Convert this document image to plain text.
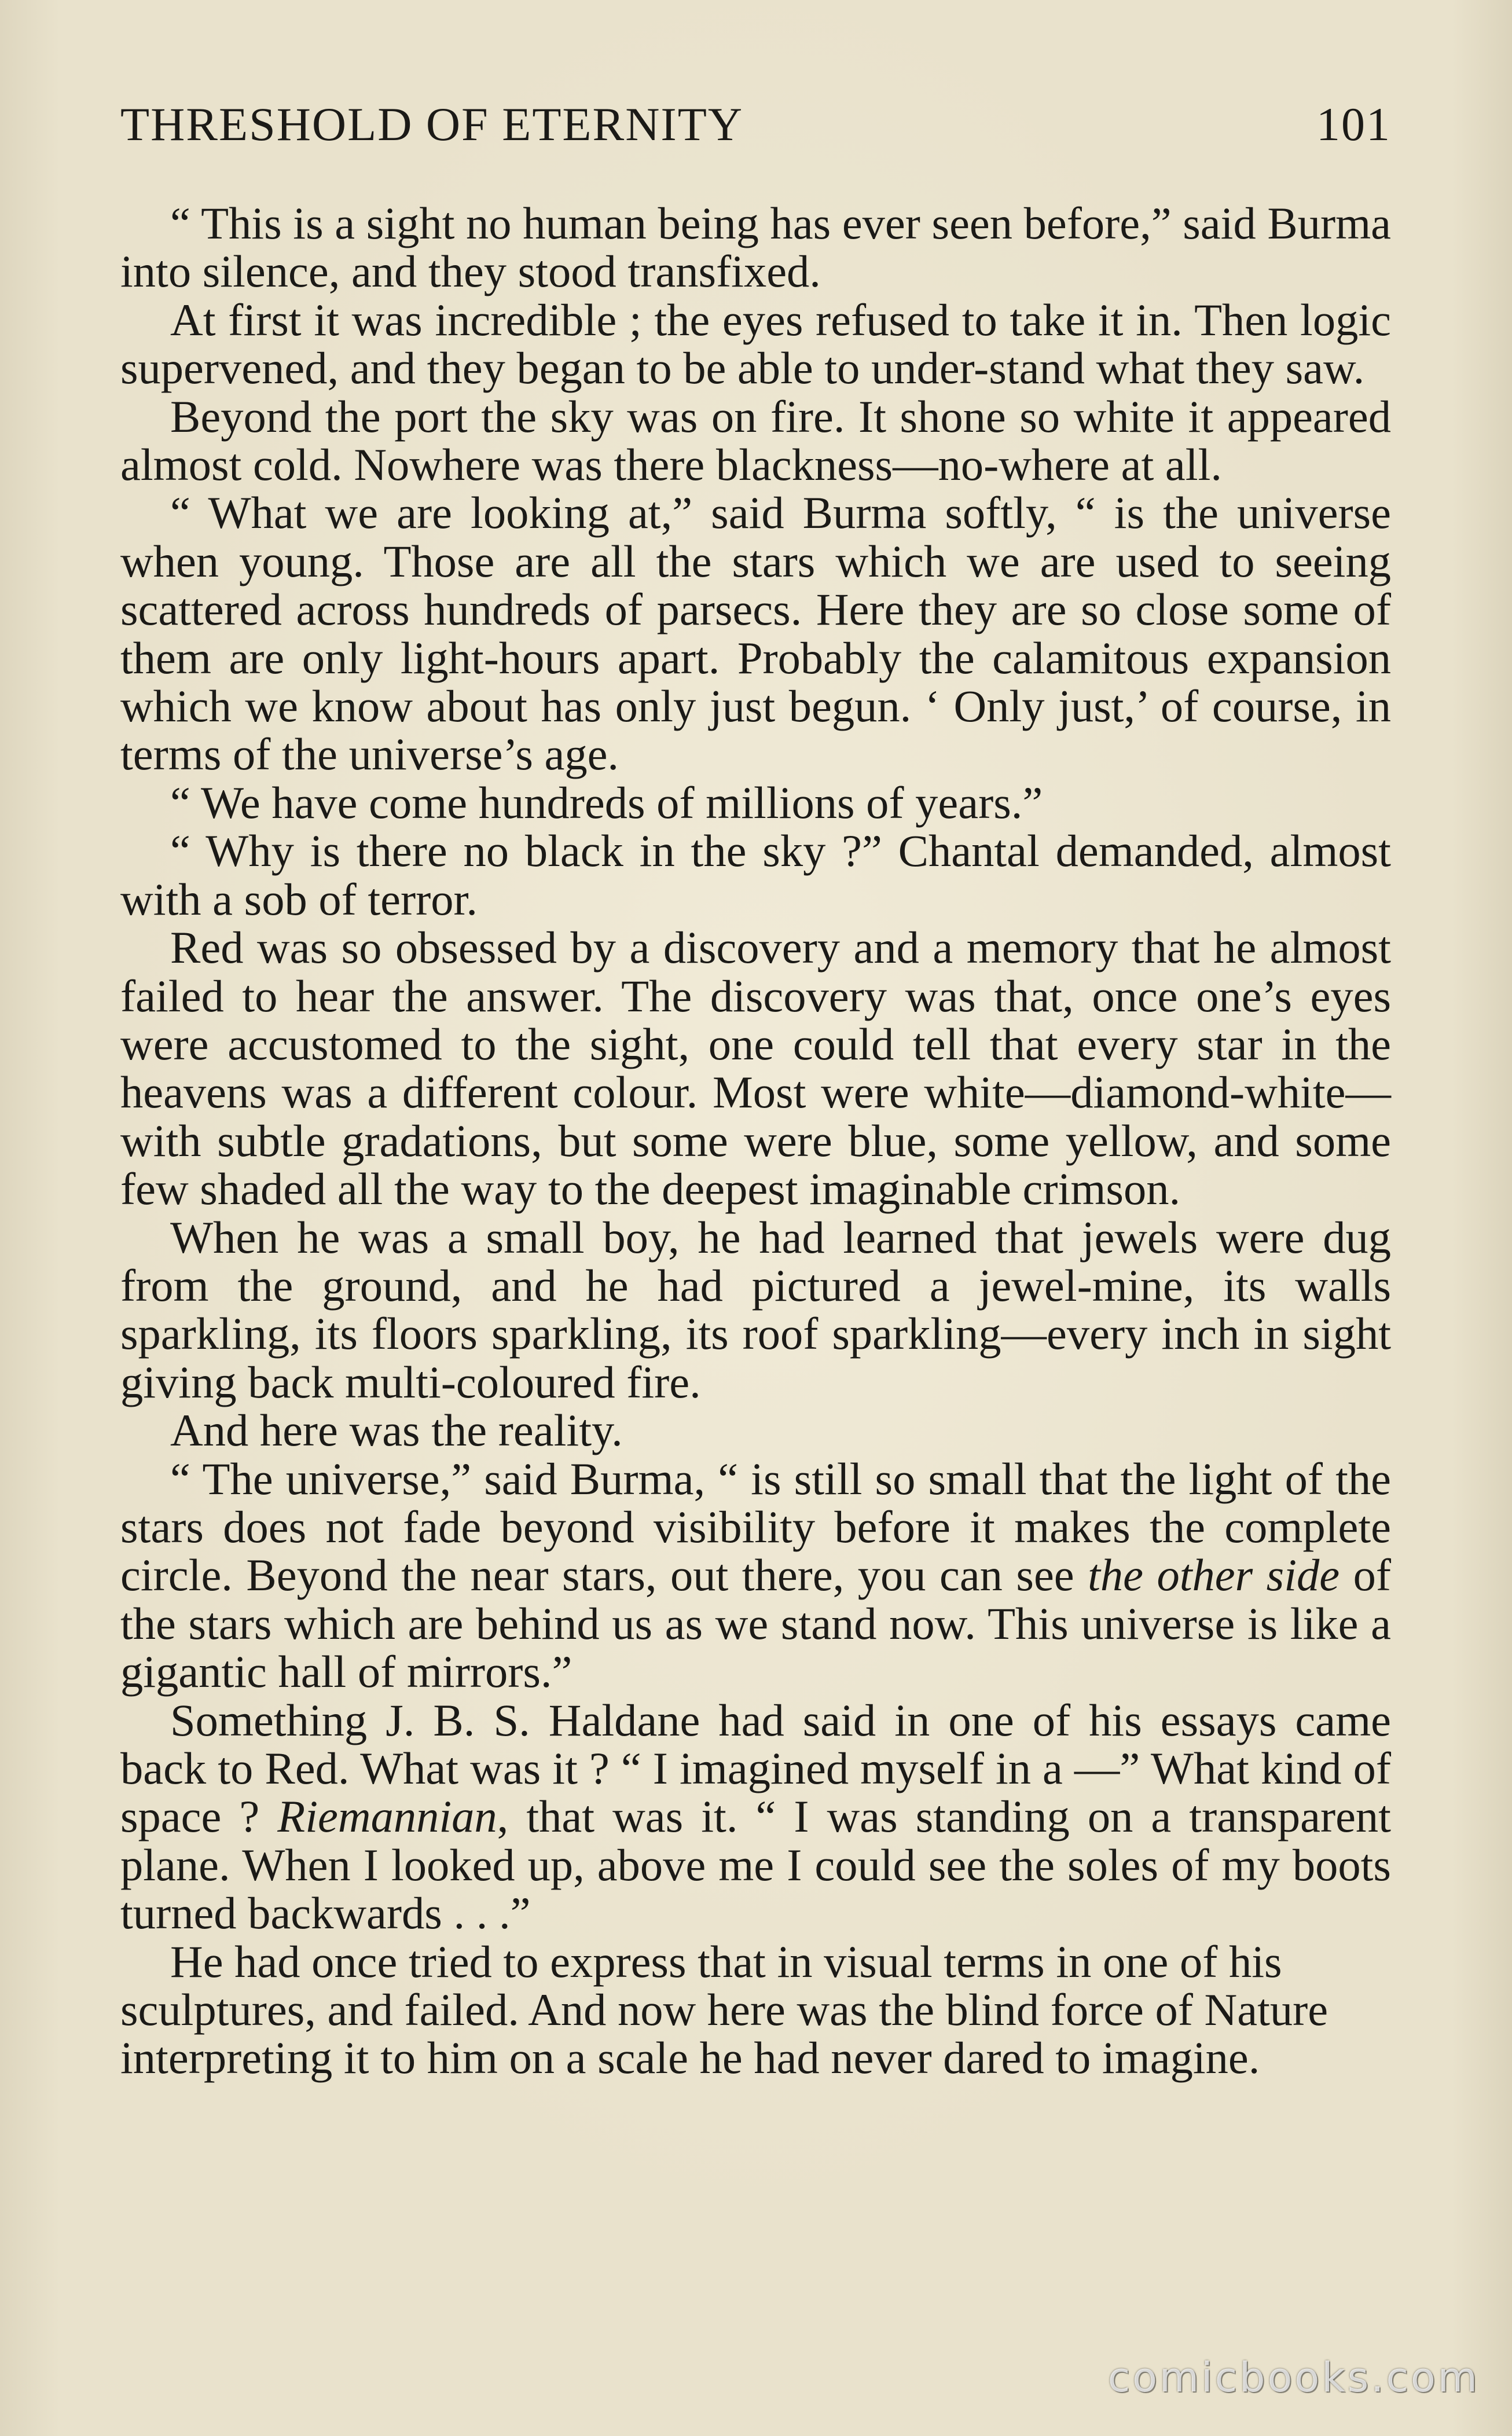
THRESHOLD OF ETERNITY	101

“ This is a sight no human being has ever seen before,” said Burma into silence, and they stood transfixed.

At first it was incredible ; the eyes refused to take it in. Then logic supervened, and they began to be able to under-stand what they saw.

Beyond the port the sky was on fire. It shone so white it appeared almost cold. Nowhere was there blackness—no-where at all.

“ What we are looking at,” said Burma softly, “ is the universe when young. Those are all the stars which we are used to seeing scattered across hundreds of parsecs. Here they are so close some of them are only light-hours apart. Probably the calamitous expansion which we know about has only just begun. ‘ Only just,’ of course, in terms of the universe’s age.

“ We have come hundreds of millions of years.”

“ Why is there no black in the sky ?” Chantal demanded, almost with a sob of terror.

Red was so obsessed by a discovery and a memory that he almost failed to hear the answer. The discovery was that, once one’s eyes were accustomed to the sight, one could tell that every star in the heavens was a different colour. Most were white—diamond-white—with subtle gradations, but some were blue, some yellow, and some few shaded all the way to the deepest imaginable crimson.

When he was a small boy, he had learned that jewels were dug from the ground, and he had pictured a jewel-mine, its walls sparkling, its floors sparkling, its roof sparkling—every inch in sight giving back multi-coloured fire.

And here was the reality.

“ The universe,” said Burma, “ is still so small that the light of the stars does not fade beyond visibility before it makes the complete circle. Beyond the near stars, out there, you can see the other side of the stars which are behind us as we stand now. This universe is like a gigantic hall of mirrors.”

Something J. B. S. Haldane had said in one of his essays came back to Red. What was it ? “ I imagined myself in a —” What kind of space ? Riemannian, that was it. “ I was standing on a transparent plane. When I looked up, above me I could see the soles of my boots turned backwards . . .”

He had once tried to express that in visual terms in one of his sculptures, and failed. And now here was the blind force of Nature interpreting it to him on a scale he had never dared to imagine.

comicbooks.com
